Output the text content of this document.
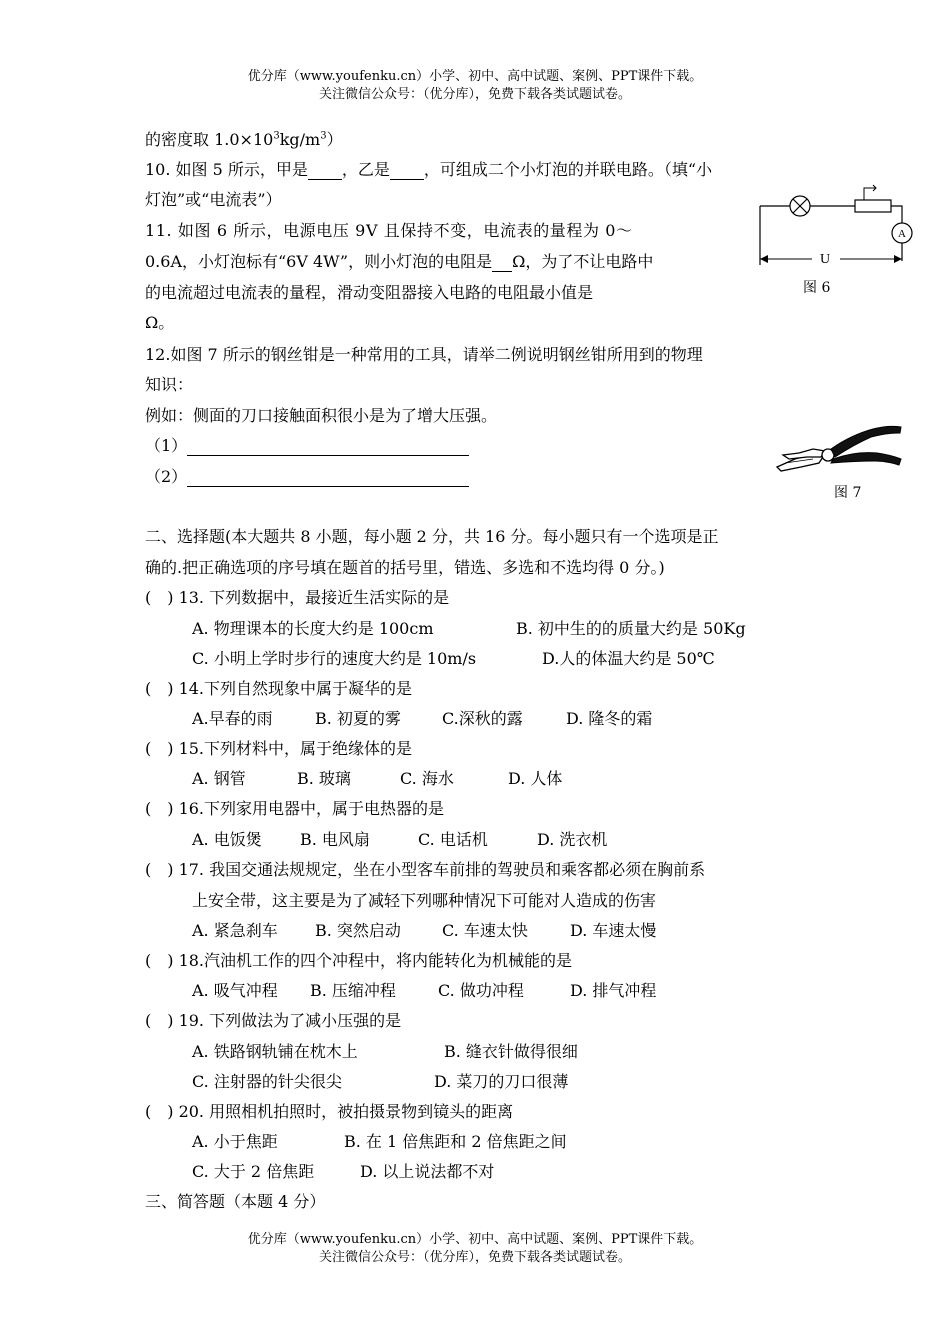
优分库（www.youfenku.cn）小学、初中、高中试题、案例、PPT课件下载。
关注微信公众号：（优分库），免费下载各类试题试卷。
的密度取 $1.0\times 10^3kg/m^3$）
10. 如图 5 所示，甲是 ，乙是 ，可组成二个小灯泡的并联电路。（填“小
灯泡”或“电流表”）
11. 如图 6 所示，电源电压 9V 且保持不变，电流表的量程为 0～
0.6A，小灯泡标有“6V 4W”，则小灯泡的电阻是 Ω，为了不让电路中
的电流超过电流表的量程，滑动变阻器接入电路的电阻最小值是
Ω。
A
U
图 6
12.如图 7 所示的钢丝钳是一种常用的工具，请举二例说明钢丝钳所用到的物理
知识：
例如：侧面的刀口接触面积很小是为了增大压强。
（1）
（2）
图 7
二、选择题(本大题共 8 小题，每小题 2 分，共 16 分。每小题只有一个选项是正
确的.把正确选项的序号填在题首的括号里，错选、多选和不选均得 0 分。)
(　) 13. 下列数据中，最接近生活实际的是
A. 物理课本的长度大约是 100cm	B. 初中生的的质量大约是 50Kg
C. 小明上学时步行的速度大约是 10m/s	D.人的体温大约是 50℃
(　) 14.下列自然现象中属于凝华的是
A.早春的雨	B. 初夏的雾	C.深秋的露	D. 隆冬的霜
(　) 15.下列材料中，属于绝缘体的是
A. 钢管	B. 玻璃	C. 海水	D. 人体
(　) 16.下列家用电器中，属于电热器的是
A. 电饭煲 B. 电风扇	C. 电话机	D. 洗衣机
(　) 17. 我国交通法规规定，坐在小型客车前排的驾驶员和乘客都必须在胸前系
上安全带，这主要是为了减轻下列哪种情况下可能对人造成的伤害
A. 紧急刹车 B. 突然启动	C. 车速太快	D. 车速太慢
(　) 18.汽油机工作的四个冲程中，将内能转化为机械能的是
A. 吸气冲程 B. 压缩冲程	C. 做功冲程	D. 排气冲程
(　) 19. 下列做法为了减小压强的是
A. 铁路钢轨铺在枕木上	B. 缝衣针做得很细
C. 注射器的针尖很尖	D. 菜刀的刀口很薄
(　) 20. 用照相机拍照时，被拍摄景物到镜头的距离
A. 小于焦距	B. 在 1 倍焦距和 2 倍焦距之间
C. 大于 2 倍焦距	D. 以上说法都不对
三、简答题（本题 4 分）
优分库（www.youfenku.cn）小学、初中、高中试题、案例、PPT课件下载。
关注微信公众号：（优分库），免费下载各类试题试卷。
